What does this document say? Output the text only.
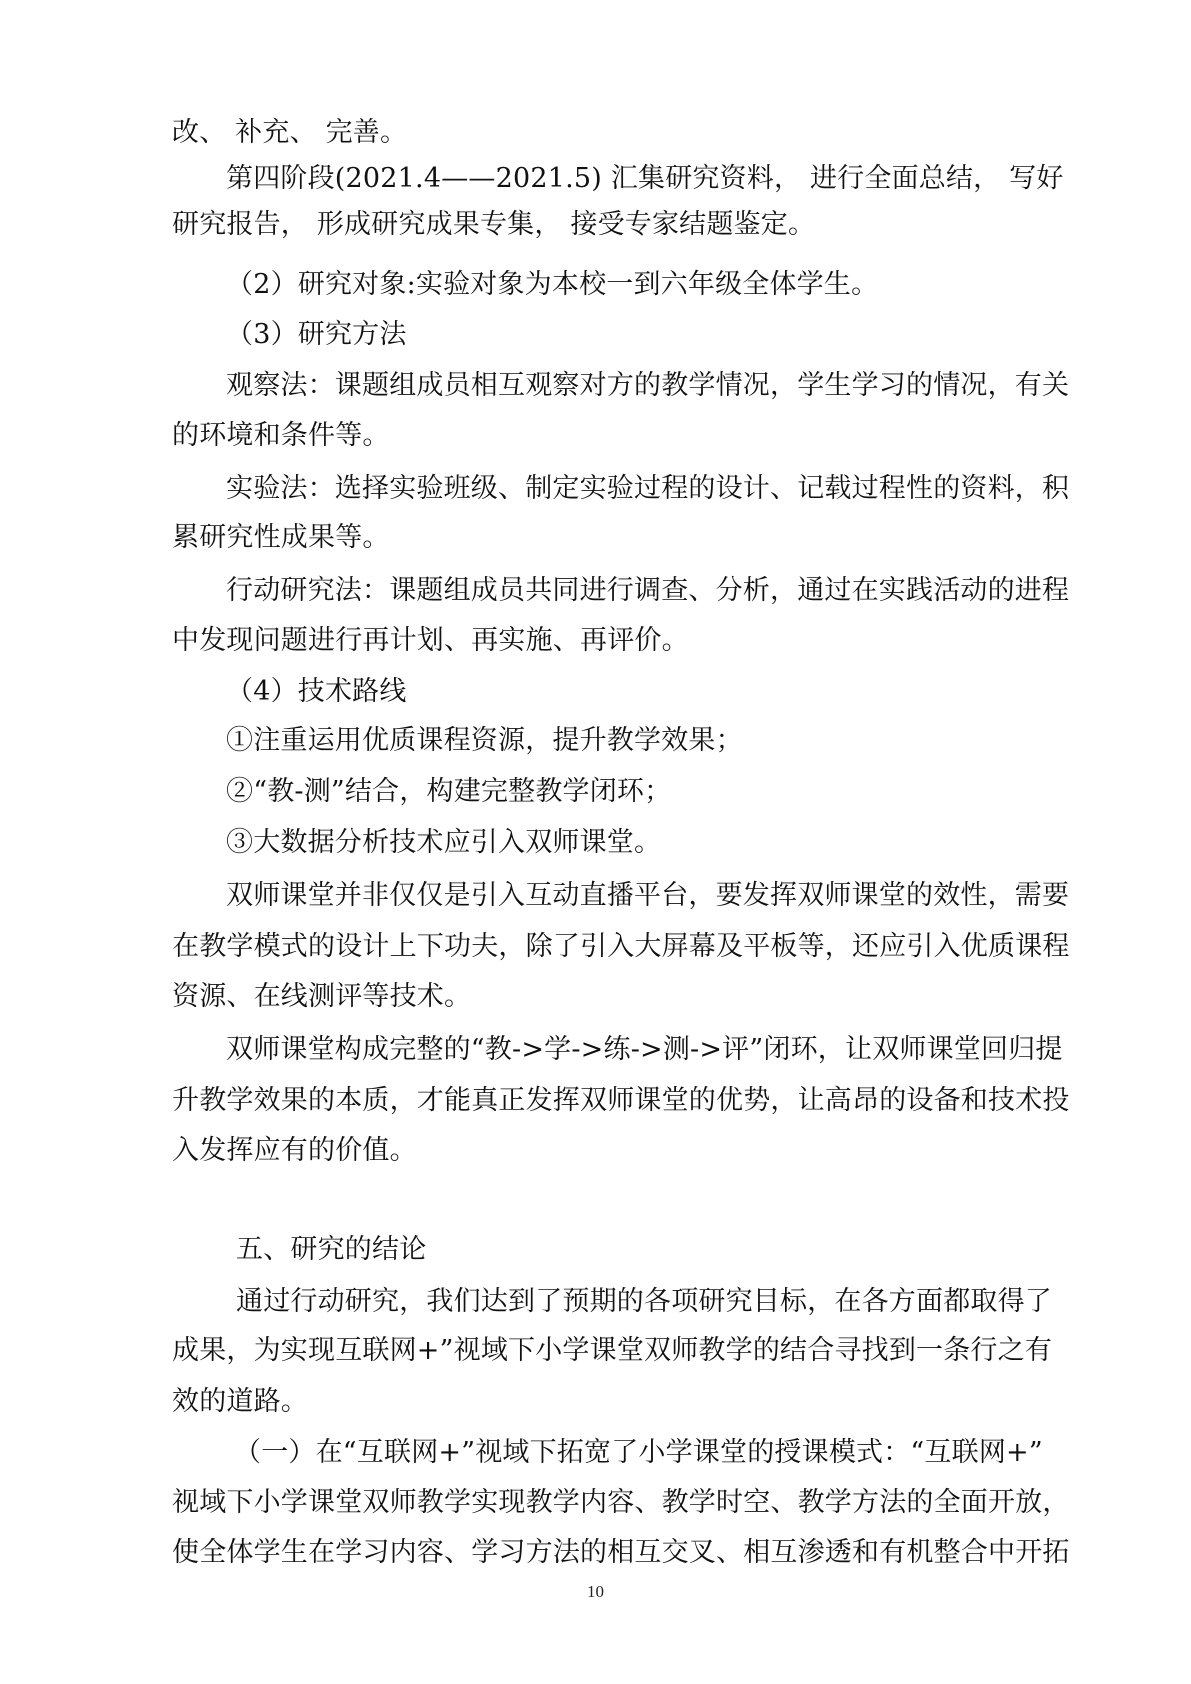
改、 补充、 完善。
第四阶段(2021.4——2021.5) 汇集研究资料， 进行全面总结， 写好
研究报告， 形成研究成果专集， 接受专家结题鉴定。
（2）研究对象:实验对象为本校一到六年级全体学生。
（3）研究方法
观察法：课题组成员相互观察对方的教学情况，学生学习的情况，有关
的环境和条件等。
实验法：选择实验班级、制定实验过程的设计、记载过程性的资料，积
累研究性成果等。
行动研究法：课题组成员共同进行调查、分析，通过在实践活动的进程
中发现问题进行再计划、再实施、再评价。
（4）技术路线
①注重运用优质课程资源，提升教学效果；
②“教-测”结合，构建完整教学闭环；
③大数据分析技术应引入双师课堂。
双师课堂并非仅仅是引入互动直播平台，要发挥双师课堂的效性，需要
在教学模式的设计上下功夫，除了引入大屏幕及平板等，还应引入优质课程
资源、在线测评等技术。
双师课堂构成完整的“教->学->练->测->评”闭环，让双师课堂回归提
升教学效果的本质，才能真正发挥双师课堂的优势，让高昂的设备和技术投
入发挥应有的价值。
五、研究的结论
通过行动研究，我们达到了预期的各项研究目标，在各方面都取得了
成果，为实现互联网+”视域下小学课堂双师教学的结合寻找到一条行之有
效的道路。
（一）在“互联网+”视域下拓宽了小学课堂的授课模式：“互联网+”
视域下小学课堂双师教学实现教学内容、教学时空、教学方法的全面开放，
使全体学生在学习内容、学习方法的相互交叉、相互渗透和有机整合中开拓
10
